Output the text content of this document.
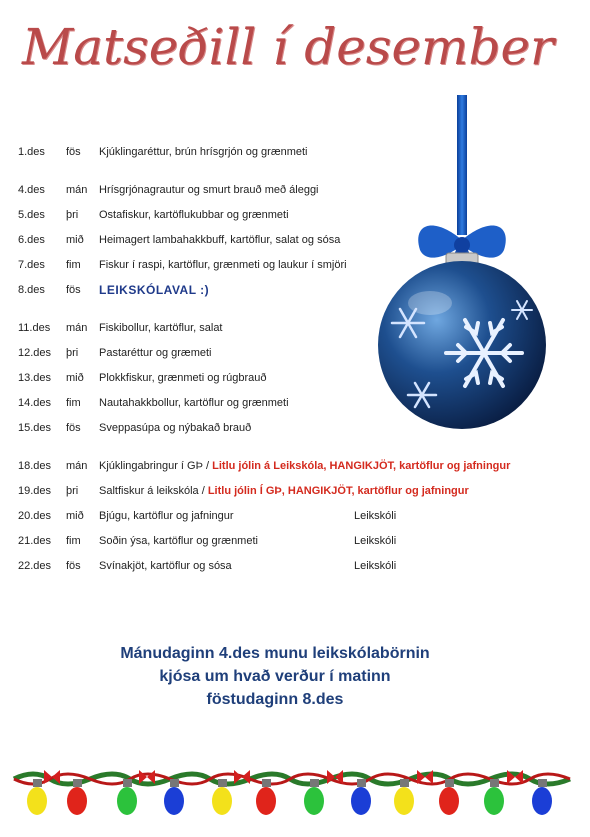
Matseðill í desember
1.des	fös	Kjúklingaréttur, brún hrísgrjón og grænmeti
4.des	mán	Hrísgrjónagrautur og smurt brauð með áleggi
5.des	þri	Ostafiskur, kartöflukubbar og grænmeti
6.des	mið	Heimagert lambahakkbuff, kartöflur, salat og sósa
7.des	fim	Fiskur í raspi, kartöflur, grænmeti og laukur í smjöri
8.des	fös	LEIKSKÓLAVAL :)
11.des	mán	Fiskibollur, kartöflur, salat
12.des	þri	Pastaréttur og græmeti
13.des	mið	Plokkfiskur, grænmeti og rúgbrauð
14.des	fim	Nautahakkbollur, kartöflur og grænmeti
15.des	fös	Sveppasúpa og nýbakað brauð
18.des	mán	Kjúklingabringur í GÞ / Litlu jólin á Leikskóla, HANGIKJÖT, kartöflur og jafningur
19.des	þri	Saltfiskur á leikskóla / Litlu jólin Í GÞ, HANGIKJÖT, kartöflur og jafningur
20.des	mið	Bjúgu, kartöflur og jafningur	Leikskóli
21.des	fim	Soðin ýsa, kartöflur og grænmeti	Leikskóli
22.des	fös	Svínakjöt, kartöflur og sósa	Leikskóli
Mánudaginn 4.des munu leikskólabörnin
kjósa um hvað verður í matinn
föstudaginn 8.des
